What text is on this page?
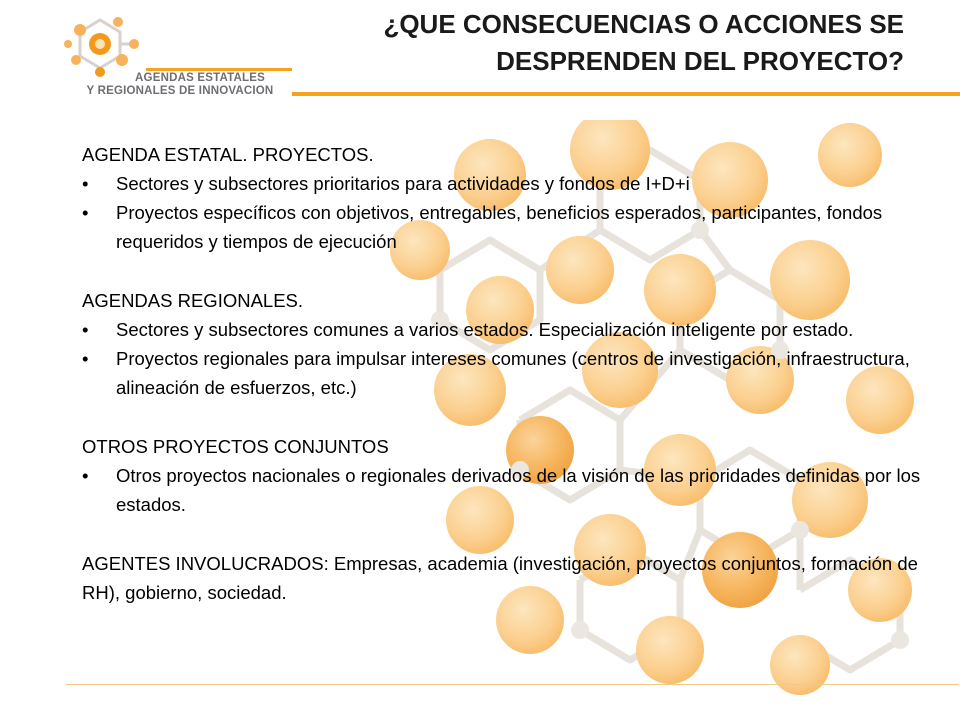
AGENDAS ESTATALES
Y REGIONALES DE INNOVACION
¿QUE CONSECUENCIAS O ACCIONES SE
DESPRENDEN DEL PROYECTO?

AGENDA ESTATAL. PROYECTOS.

• Sectores y subsectores prioritarios para actividades y fondos de I+D+i
• Proyectos específicos con objetivos, entregables, beneficios esperados, participantes, fondos requeridos y tiempos de ejecución

AGENDAS REGIONALES.

• Sectores y subsectores comunes a varios estados. Especialización inteligente por estado.
• Proyectos regionales para impulsar intereses comunes (centros de investigación, infraestructura, alineación de esfuerzos, etc.)

OTROS PROYECTOS CONJUNTOS

• Otros proyectos nacionales o regionales derivados de la visión de las prioridades definidas por los estados.

AGENTES INVOLUCRADOS: Empresas, academia (investigación, proyectos conjuntos, formación de RH), gobierno, sociedad.
